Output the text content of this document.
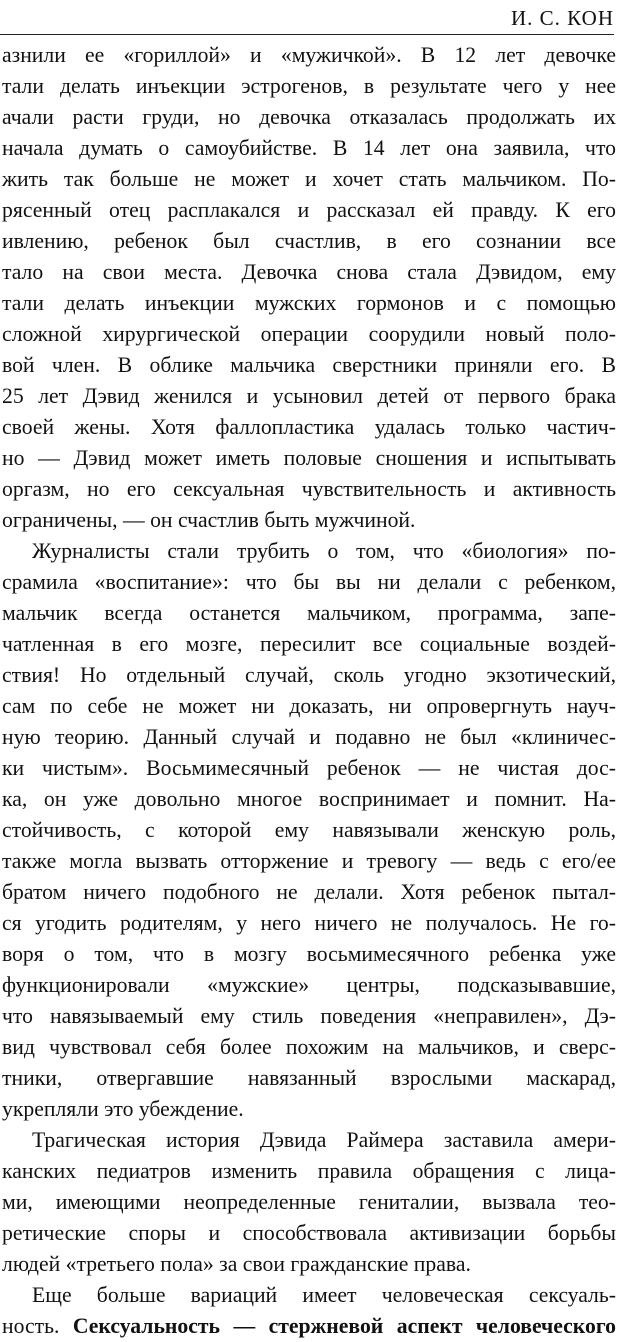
И. С. КОН
азнили ее «гориллой» и «мужичкой». В 12 лет девочке
тали делать инъекции эстрогенов, в результате чего у нее
ачали расти груди, но девочка отказалась продолжать их
начала думать о самоубийстве. В 14 лет она заявила, что
жить так больше не может и хочет стать мальчиком. По-
рясенный отец расплакался и рассказал ей правду. К его
ивлению, ребенок был счастлив, в его сознании все
тало на свои места. Девочка снова стала Дэвидом, ему
тали делать инъекции мужских гормонов и с помощью
сложной хирургической операции соорудили новый поло-
вой член. В облике мальчика сверстники приняли его. В
25 лет Дэвид женился и усыновил детей от первого брака
своей жены. Хотя фаллопластика удалась только частич-
но — Дэвид может иметь половые сношения и испытывать
оргазм, но его сексуальная чувствительность и активность
ограничены, — он счастлив быть мужчиной.
Журналисты стали трубить о том, что «биология» по-
срамила «воспитание»: что бы вы ни делали с ребенком,
мальчик всегда останется мальчиком, программа, запе-
чатленная в его мозге, пересилит все социальные воздей-
ствия! Но отдельный случай, сколь угодно экзотический,
сам по себе не может ни доказать, ни опровергнуть науч-
ную теорию. Данный случай и подавно не был «клиничес-
ки чистым». Восьмимесячный ребенок — не чистая дос-
ка, он уже довольно многое воспринимает и помнит. На-
стойчивость, с которой ему навязывали женскую роль,
также могла вызвать отторжение и тревогу — ведь с его/ее
братом ничего подобного не делали. Хотя ребенок пытал-
ся угодить родителям, у него ничего не получалось. Не го-
воря о том, что в мозгу восьмимесячного ребенка уже
функционировали «мужские» центры, подсказывавшие,
что навязываемый ему стиль поведения «неправилен», Дэ-
вид чувствовал себя более похожим на мальчиков, и сверс-
тники, отвергавшие навязанный взрослыми маскарад,
укрепляли это убеждение.
Трагическая история Дэвида Раймера заставила амери-
канских педиатров изменить правила обращения с лица-
ми, имеющими неопределенные гениталии, вызвала тео-
ретические споры и способствовала активизации борьбы
людей «третьего пола» за свои гражданские права.
Еще больше вариаций имеет человеческая сексуаль-
ность. Сексуальность — стержневой аспект человеческого
